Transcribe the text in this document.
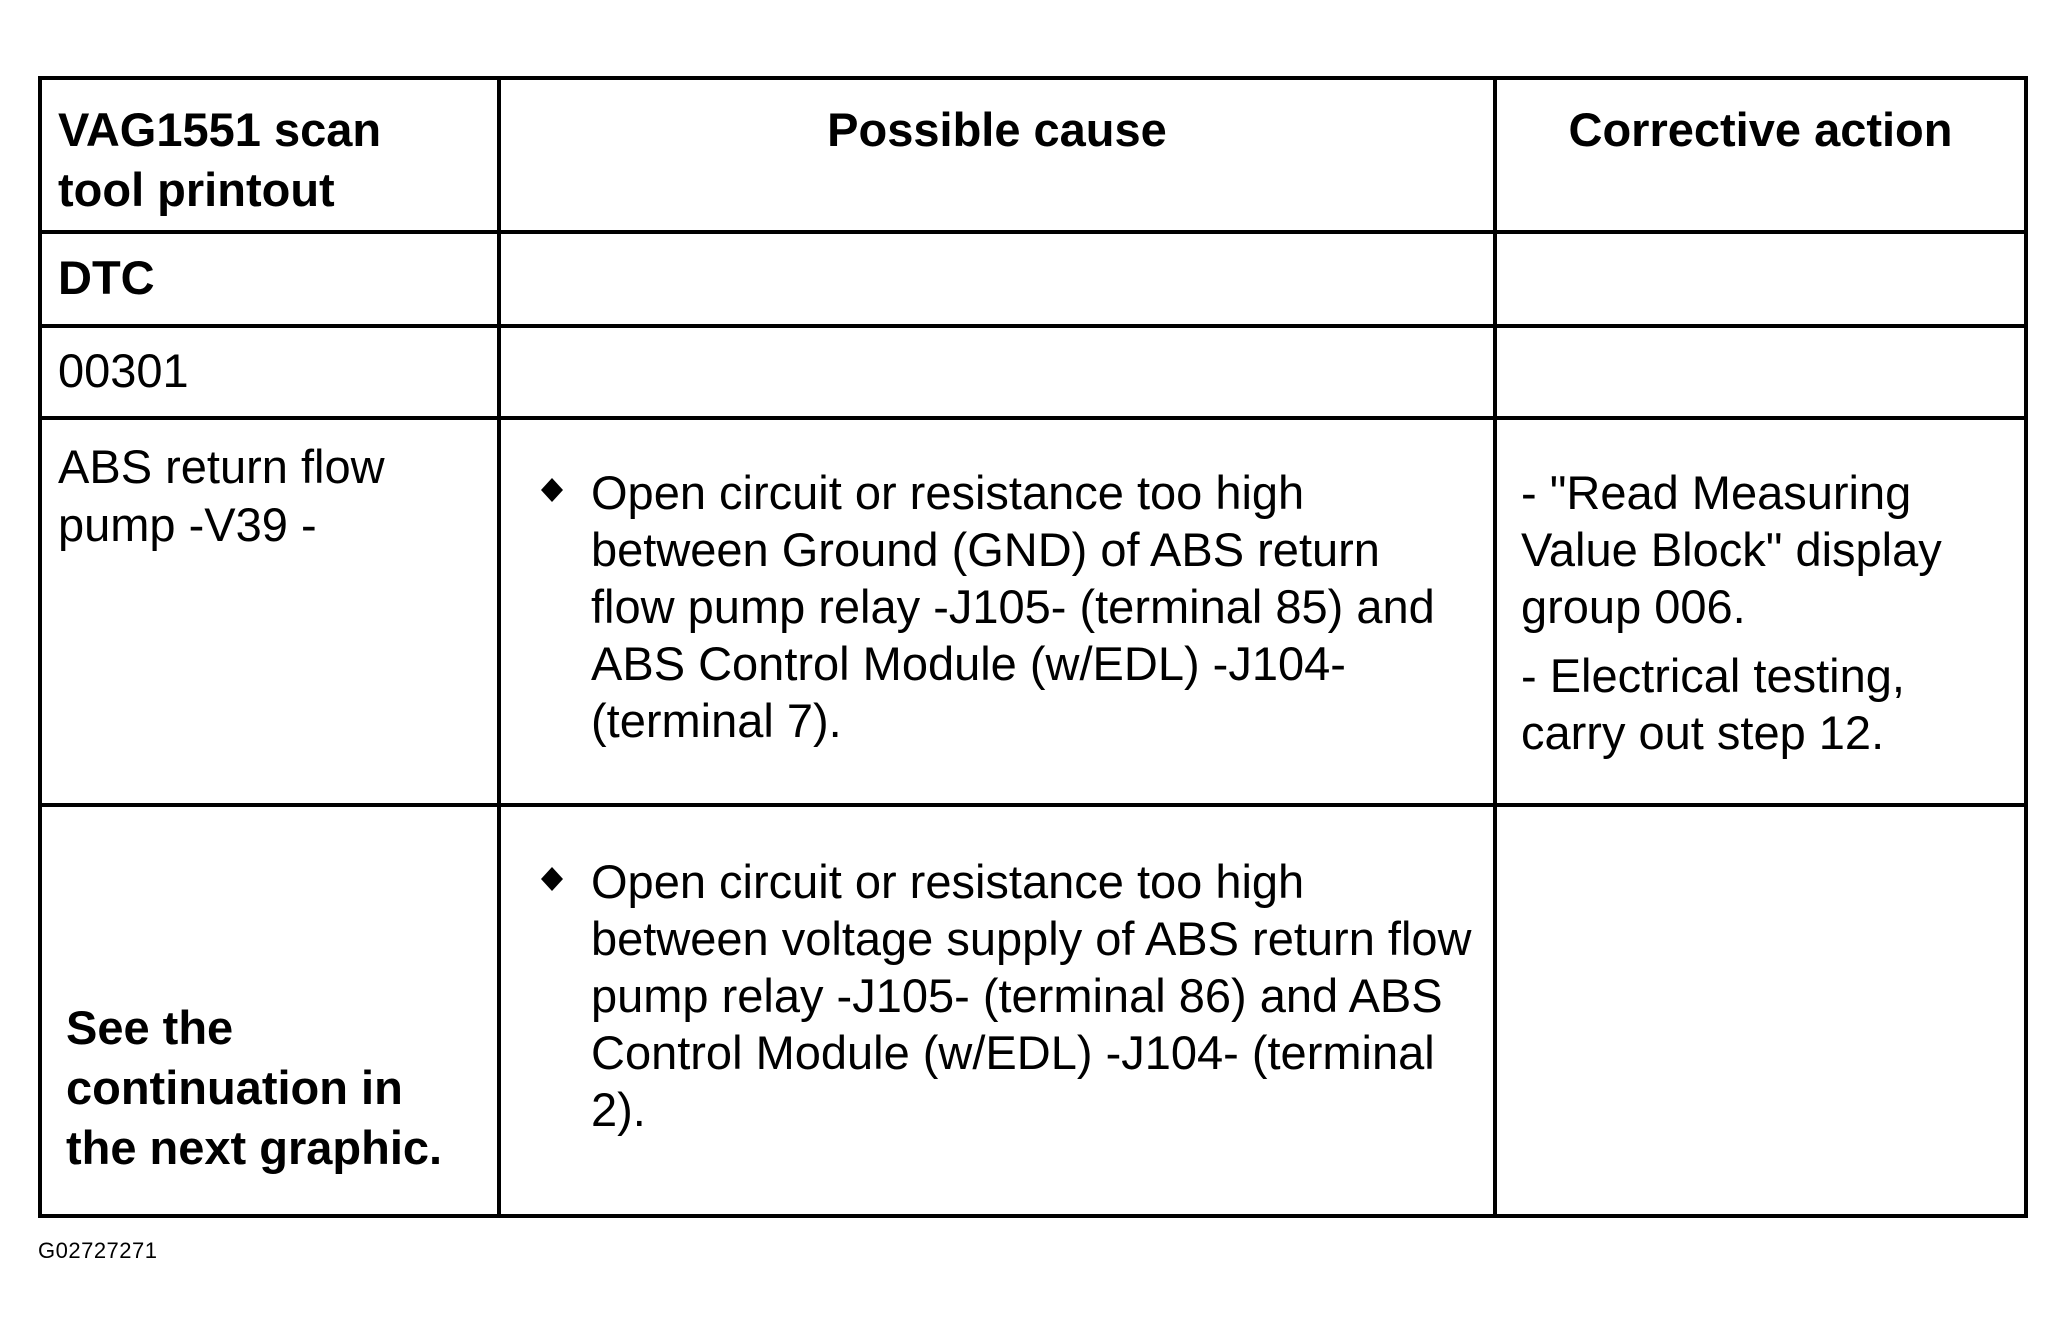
VAG1551 scan tool printout	Possible cause	Corrective action

DTC		

00301		

ABS return flow pump -V39 -	Open circuit or resistance too high between Ground (GND) of ABS return flow pump relay -J105- (terminal 85) and ABS Control Module (w/EDL) -J104- (terminal 7).	- "Read Measuring Value Block" display group 006.
- Electrical testing, carry out step 12.

See the continuation in the next graphic.	Open circuit or resistance too high between voltage supply of ABS return flow pump relay -J105- (terminal 86) and ABS Control Module (w/EDL) -J104- (terminal 2).	

G02727271
